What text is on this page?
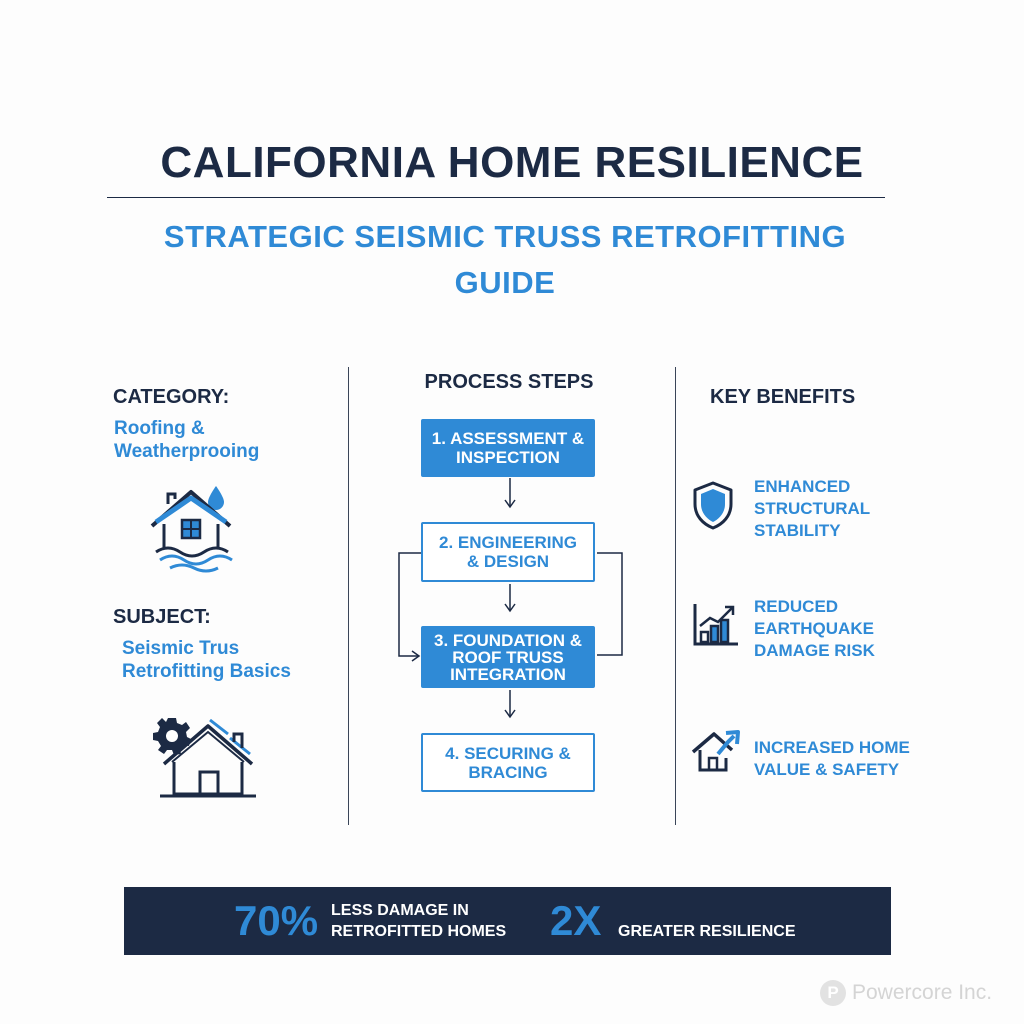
CALIFORNIA HOME RESILIENCE
STRATEGIC SEISMIC TRUSS RETROFITTING
GUIDE
CATEGORY:
Roofing &
Weatherprooing
SUBJECT:
Seismic Trus
Retrofitting Basics
PROCESS STEPS
1. ASSESSMENT &
INSPECTION
2. ENGINEERING
& DESIGN
3. FOUNDATION &
ROOF TRUSS
INTEGRATION
4. SECURING &
BRACING
KEY BENEFITS
ENHANCED
STRUCTURAL
STABILITY
REDUCED
EARTHQUAKE
DAMAGE RISK
INCREASED HOME
VALUE & SAFETY
70% LESS DAMAGE IN
RETROFITTED HOMES 2X GREATER RESILIENCE
P Powercore Inc.
